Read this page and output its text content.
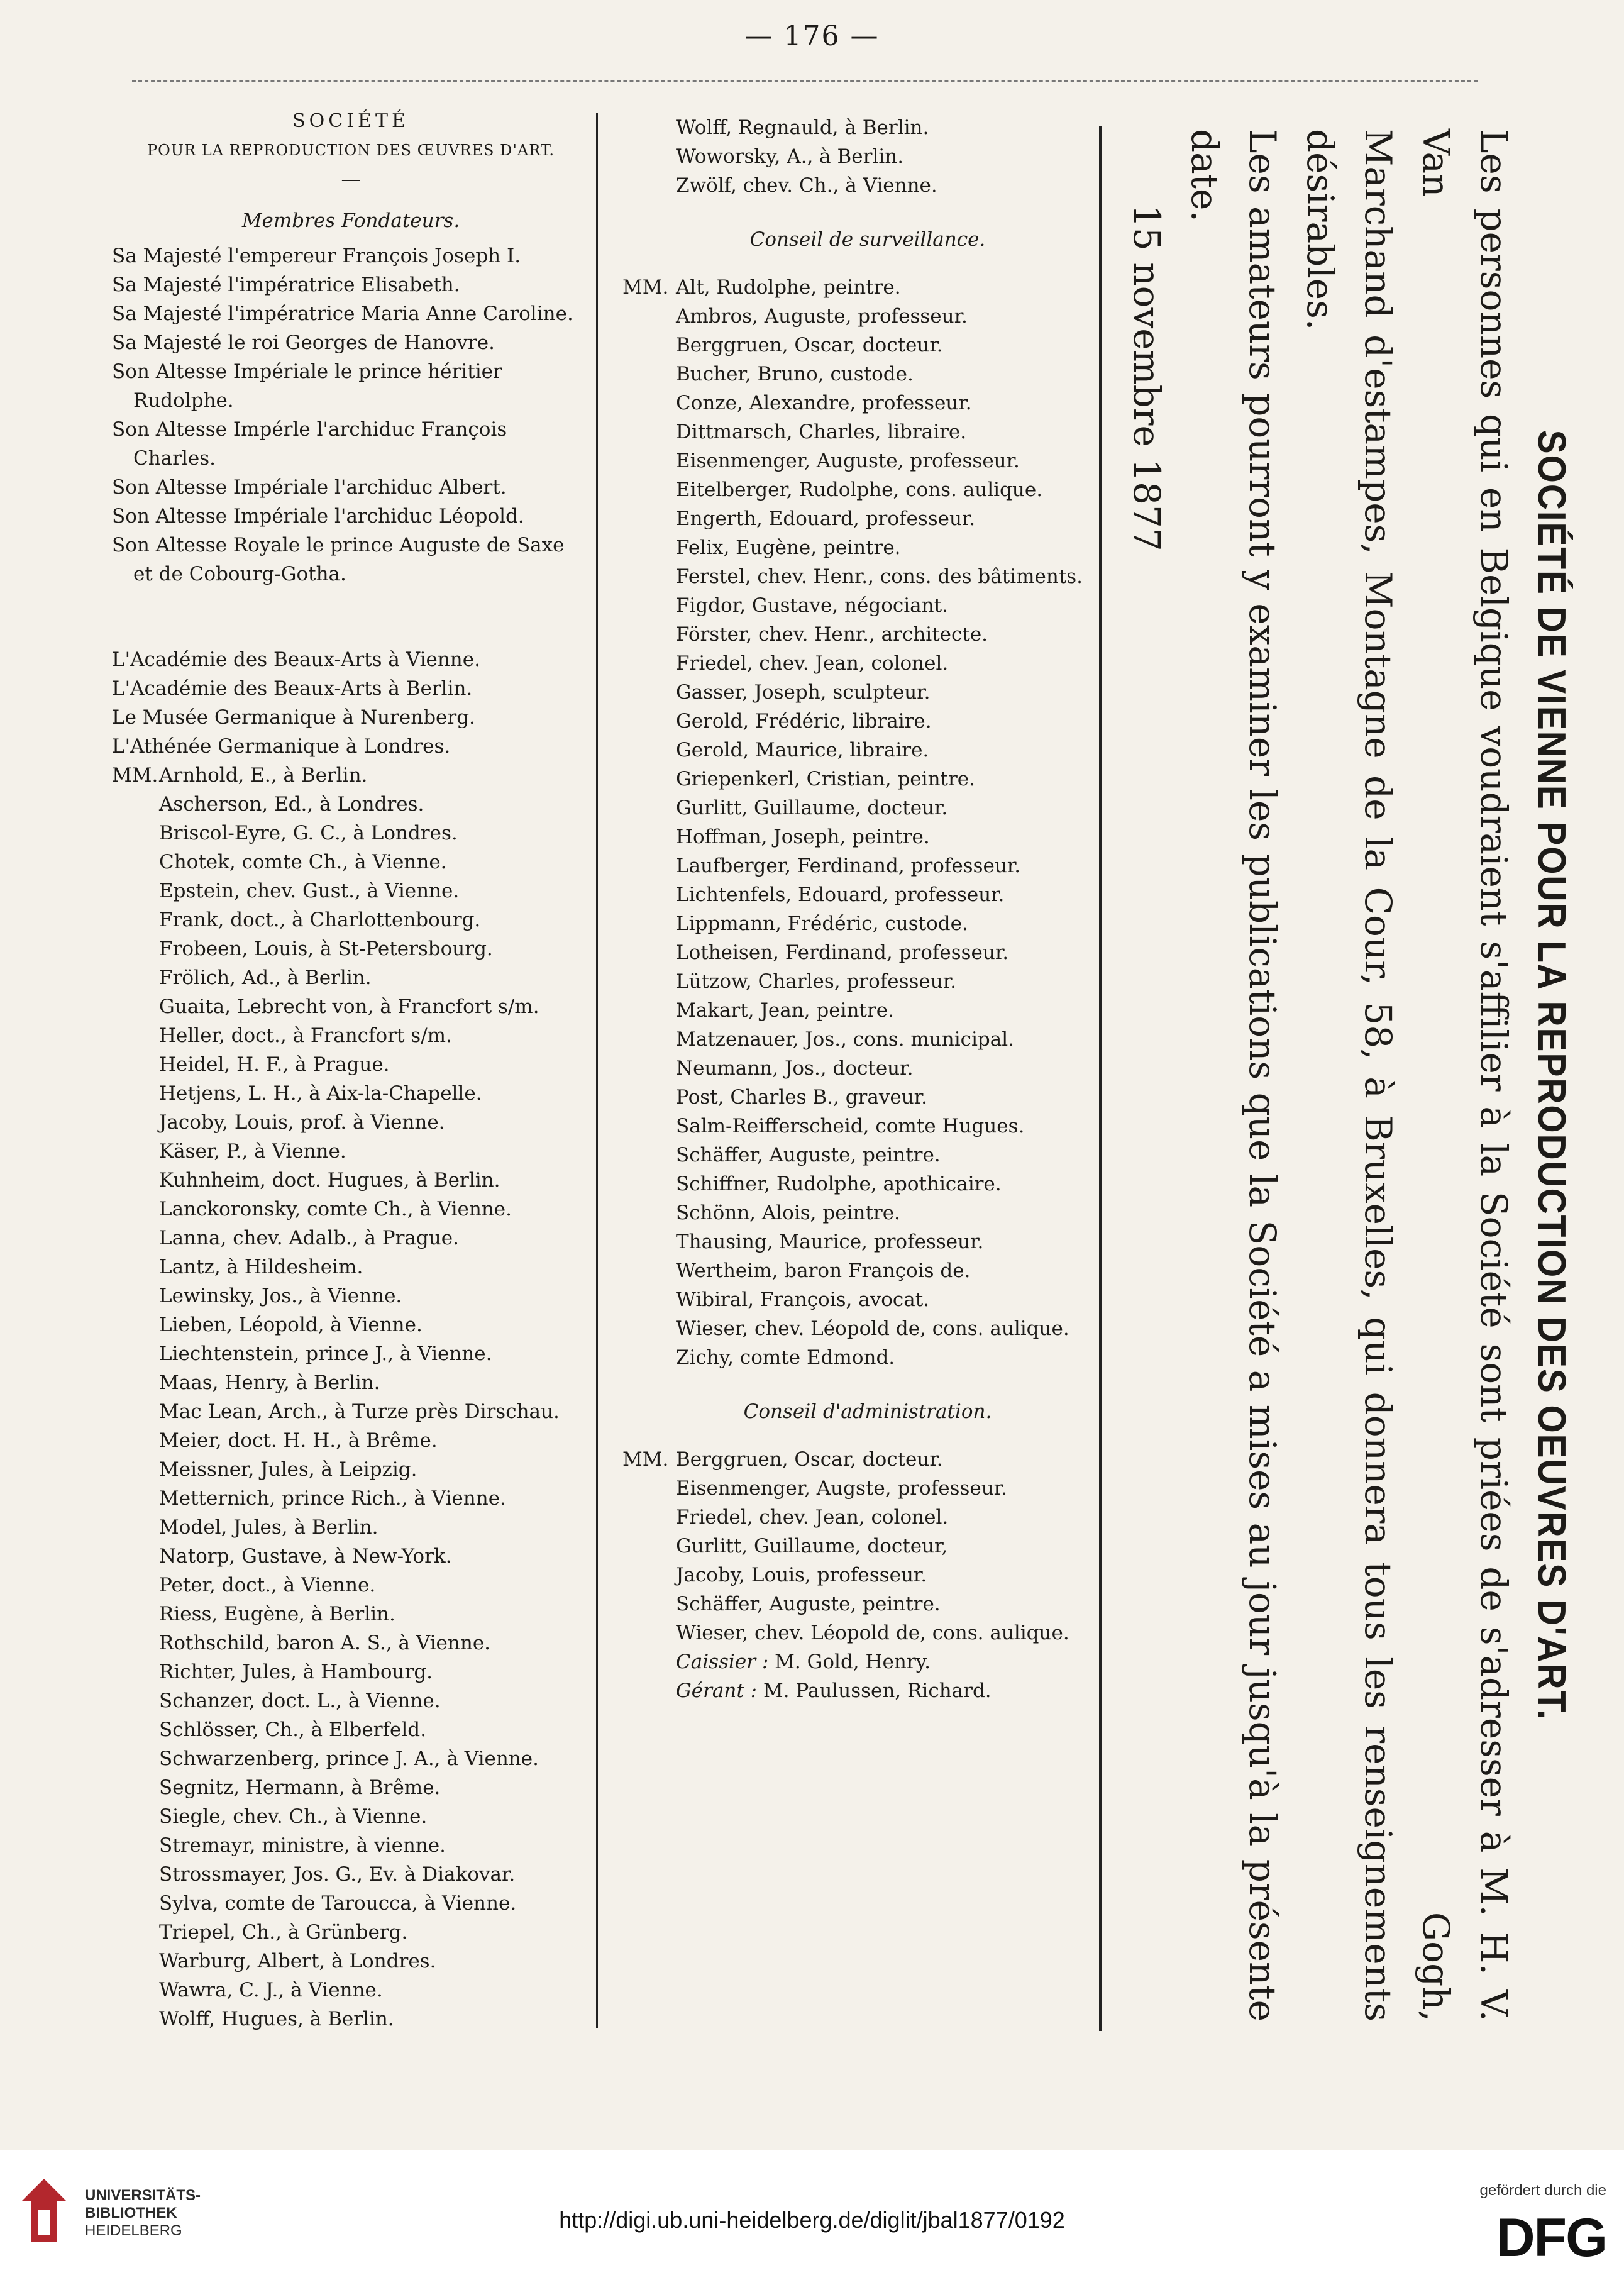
— 176 —
SOCIÉTÉ
POUR LA REPRODUCTION DES ŒUVRES D'ART.
—
Membres Fondateurs.
Sa Majesté l'empereur François Joseph I.
Sa Majesté l'impératrice Elisabeth.
Sa Majesté l'impératrice Maria Anne Caroline.
Sa Majesté le roi Georges de Hanovre.
Son Altesse Impériale le prince héritier Rudolphe.
Son Altesse Impérle l'archiduc François Charles.
Son Altesse Impériale l'archiduc Albert.
Son Altesse Impériale l'archiduc Léopold.
Son Altesse Royale le prince Auguste de Saxe et de Cobourg-Gotha.
L'Académie des Beaux-Arts à Vienne.
L'Académie des Beaux-Arts à Berlin.
Le Musée Germanique à Nurenberg.
L'Athénée Germanique à Londres.
MM.Arnhold, E., à Berlin.
Ascherson, Ed., à Londres.
Briscol-Eyre, G. C., à Londres.
Chotek, comte Ch., à Vienne.
Epstein, chev. Gust., à Vienne.
Frank, doct., à Charlottenbourg.
Frobeen, Louis, à St-Petersbourg.
Frölich, Ad., à Berlin.
Guaita, Lebrecht von, à Francfort s/m.
Heller, doct., à Francfort s/m.
Heidel, H. F., à Prague.
Hetjens, L. H., à Aix-la-Chapelle.
Jacoby, Louis, prof. à Vienne.
Käser, P., à Vienne.
Kuhnheim, doct. Hugues, à Berlin.
Lanckoronsky, comte Ch., à Vienne.
Lanna, chev. Adalb., à Prague.
Lantz, à Hildesheim.
Lewinsky, Jos., à Vienne.
Lieben, Léopold, à Vienne.
Liechtenstein, prince J., à Vienne.
Maas, Henry, à Berlin.
Mac Lean, Arch., à Turze près Dirschau.
Meier, doct. H. H., à Brême.
Meissner, Jules, à Leipzig.
Metternich, prince Rich., à Vienne.
Model, Jules, à Berlin.
Natorp, Gustave, à New-York.
Peter, doct., à Vienne.
Riess, Eugène, à Berlin.
Rothschild, baron A. S., à Vienne.
Richter, Jules, à Hambourg.
Schanzer, doct. L., à Vienne.
Schlösser, Ch., à Elberfeld.
Schwarzenberg, prince J. A., à Vienne.
Segnitz, Hermann, à Brême.
Siegle, chev. Ch., à Vienne.
Stremayr, ministre, à vienne.
Strossmayer, Jos. G., Ev. à Diakovar.
Sylva, comte de Taroucca, à Vienne.
Triepel, Ch., à Grünberg.
Warburg, Albert, à Londres.
Wawra, C. J., à Vienne.
Wolff, Hugues, à Berlin.
Wolff, Regnauld, à Berlin.
Woworsky, A., à Berlin.
Zwölf, chev. Ch., à Vienne.
Conseil de surveillance.
MM. Alt, Rudolphe, peintre.
Ambros, Auguste, professeur.
Berggruen, Oscar, docteur.
Bucher, Bruno, custode.
Conze, Alexandre, professeur.
Dittmarsch, Charles, libraire.
Eisenmenger, Auguste, professeur.
Eitelberger, Rudolphe, cons. aulique.
Engerth, Edouard, professeur.
Felix, Eugène, peintre.
Ferstel, chev. Henr., cons. des bâtiments.
Figdor, Gustave, négociant.
Förster, chev. Henr., architecte.
Friedel, chev. Jean, colonel.
Gasser, Joseph, sculpteur.
Gerold, Frédéric, libraire.
Gerold, Maurice, libraire.
Griepenkerl, Cristian, peintre.
Gurlitt, Guillaume, docteur.
Hoffman, Joseph, peintre.
Laufberger, Ferdinand, professeur.
Lichtenfels, Edouard, professeur.
Lippmann, Frédéric, custode.
Lotheisen, Ferdinand, professeur.
Lützow, Charles, professeur.
Makart, Jean, peintre.
Matzenauer, Jos., cons. municipal.
Neumann, Jos., docteur.
Post, Charles B., graveur.
Salm-Reifferscheid, comte Hugues.
Schäffer, Auguste, peintre.
Schiffner, Rudolphe, apothicaire.
Schönn, Alois, peintre.
Thausing, Maurice, professeur.
Wertheim, baron François de.
Wibiral, François, avocat.
Wieser, chev. Léopold de, cons. aulique.
Zichy, comte Edmond.
Conseil d'administration.
MM. Berggruen, Oscar, docteur.
Eisenmenger, Augste, professeur.
Friedel, chev. Jean, colonel.
Gurlitt, Guillaume, docteur,
Jacoby, Louis, professeur.
Schäffer, Auguste, peintre.
Wieser, chev. Léopold de, cons. aulique.
Caissier : M. Gold, Henry.
Gérant : M. Paulussen, Richard.	SOCIÉTÉ DE VIENNE POUR LA REPRODUCTION DES OEUVRES D'ART.
Les personnes qui en Belgique voudraient s'affilier à la Société sont priées de s'adresser à M. H. V. Van Gogh,
Marchand d'estampes, Montagne de la Cour, 58, à Bruxelles, qui donnera tous les renseignements désirables.
Les amateurs pourront y examiner les publications que la Société a mises au jour jusqu'à la présente date.
15 novembre 1877
UNIVERSITÄTS-
BIBLIOTHEK
HEIDELBERG	http://digi.ub.uni-heidelberg.de/diglit/jbal1877/0192
gefördert durch die
DFG
